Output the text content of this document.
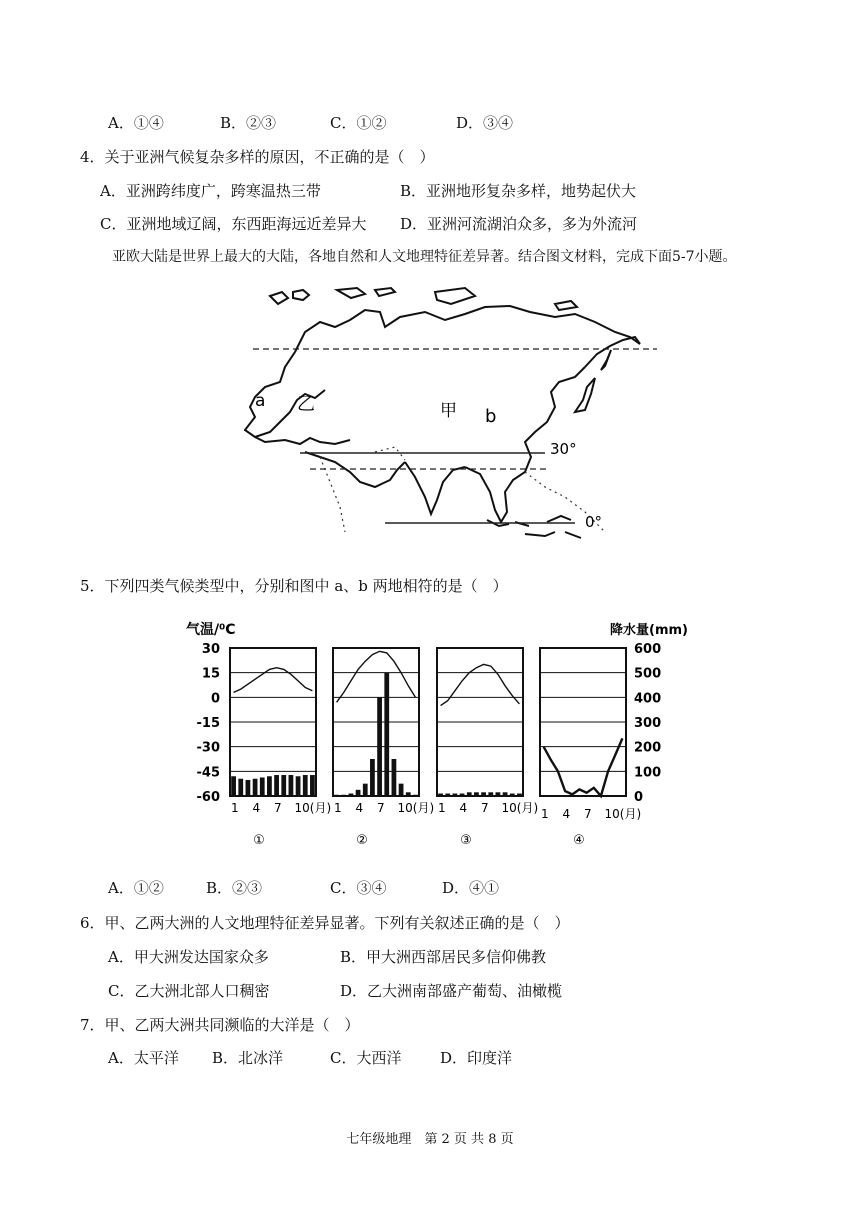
A．①④	B．②③	C．①②	D．③④
4．关于亚洲气候复杂多样的原因，不正确的是（　）
A．亚洲跨纬度广，跨寒温热三带	B．亚洲地形复杂多样，地势起伏大
C．亚洲地域辽阔，东西距海远近差异大 D．亚洲河流湖泊众多，多为外流河
亚欧大陆是世界上最大的大陆，各地自然和人文地理特征差异著。结合图文材料，完成下面5-7小题。
a 乙	甲 b
30°
0°
5．下列四类气候类型中，分别和图中 a、b 两地相符的是（　）
气温/⁰C	降水量(mm)
30
15
0
-15
-30
-45
-60
600
500
400
300
200
100
0
1 4 7 10(月)
①
1 4 7 10(月)
②
1 4 7 10(月)
③
1 4 7 10(月)
④
A．①②	B．②③	C．③④	D．④①
6．甲、乙两大洲的人文地理特征差异显著。下列有关叙述正确的是（　）
A．甲大洲发达国家众多	B．甲大洲西部居民多信仰佛教
C．乙大洲北部人口稠密	D．乙大洲南部盛产葡萄、油橄榄
7．甲、乙两大洲共同濒临的大洋是（　）
A．太平洋 B．北冰洋	C．大西洋	D．印度洋
七年级地理　第 2 页 共 8 页
